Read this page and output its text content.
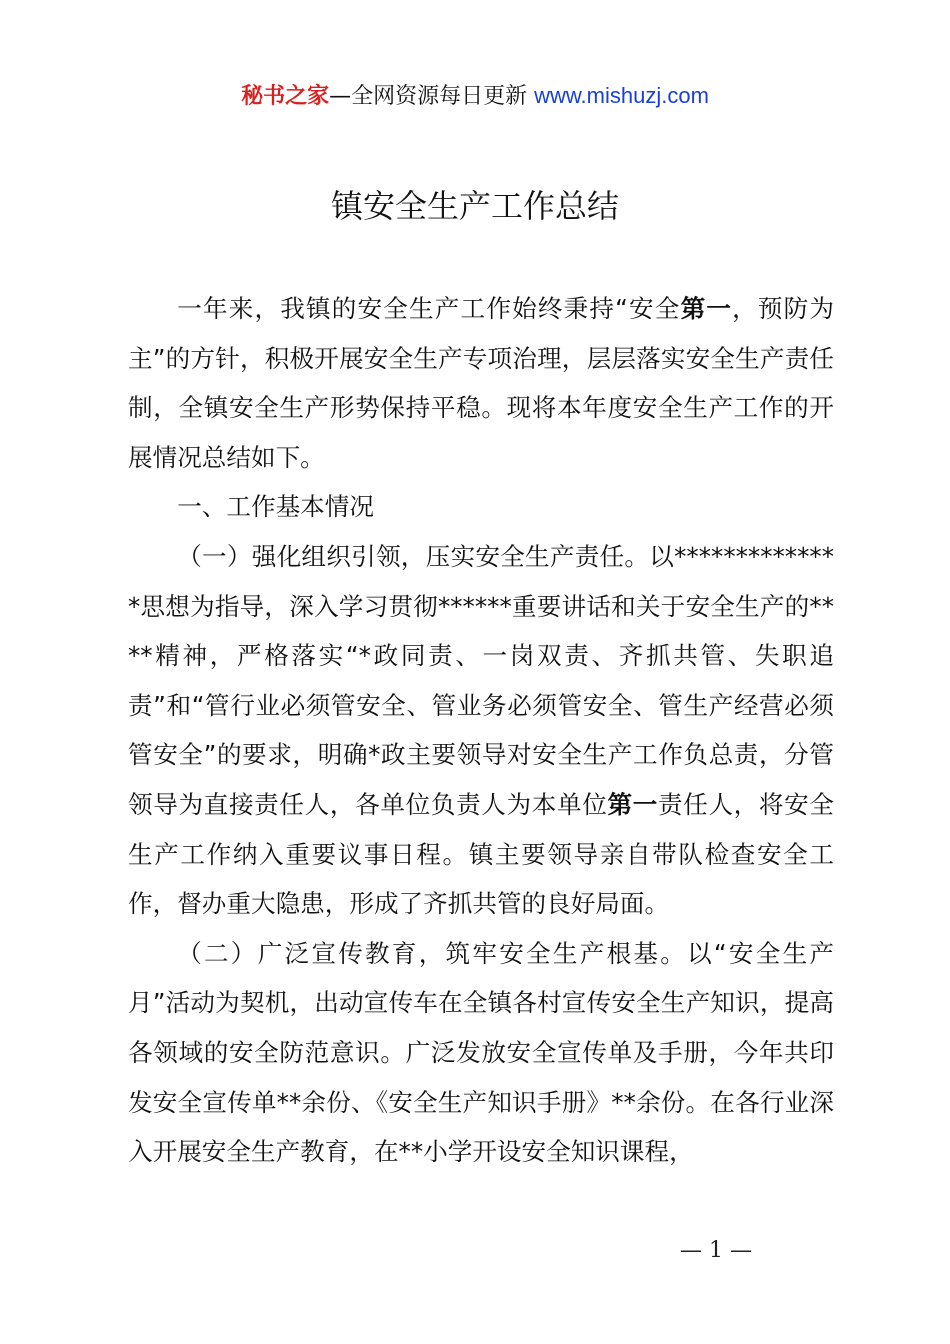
秘书之家—全网资源每日更新 www.mishuzj.com
镇安全生产工作总结

一年来，我镇的安全生产工作始终秉持“安全第一，预防为主”的方针，积极开展安全生产专项治理，层层落实安全生产责任制，全镇安全生产形势保持平稳。现将本年度安全生产工作的开展情况总结如下。

一、工作基本情况

（一）强化组织引领，压实安全生产责任。以**************思想为指导，深入学习贯彻******重要讲话和关于安全生产的****精神，严格落实“*政同责、一岗双责、齐抓共管、失职追责”和“管行业必须管安全、管业务必须管安全、管生产经营必须管安全”的要求，明确*政主要领导对安全生产工作负总责，分管领导为直接责任人，各单位负责人为本单位第一责任人，将安全生产工作纳入重要议事日程。镇主要领导亲自带队检查安全工作，督办重大隐患，形成了齐抓共管的良好局面。

（二）广泛宣传教育，筑牢安全生产根基。以“安全生产月”活动为契机，出动宣传车在全镇各村宣传安全生产知识，提高各领域的安全防范意识。广泛发放安全宣传单及手册，今年共印发安全宣传单**余份、《安全生产知识手册》**余份。在各行业深入开展安全生产教育，在**小学开设安全知识课程，

— 1 —
